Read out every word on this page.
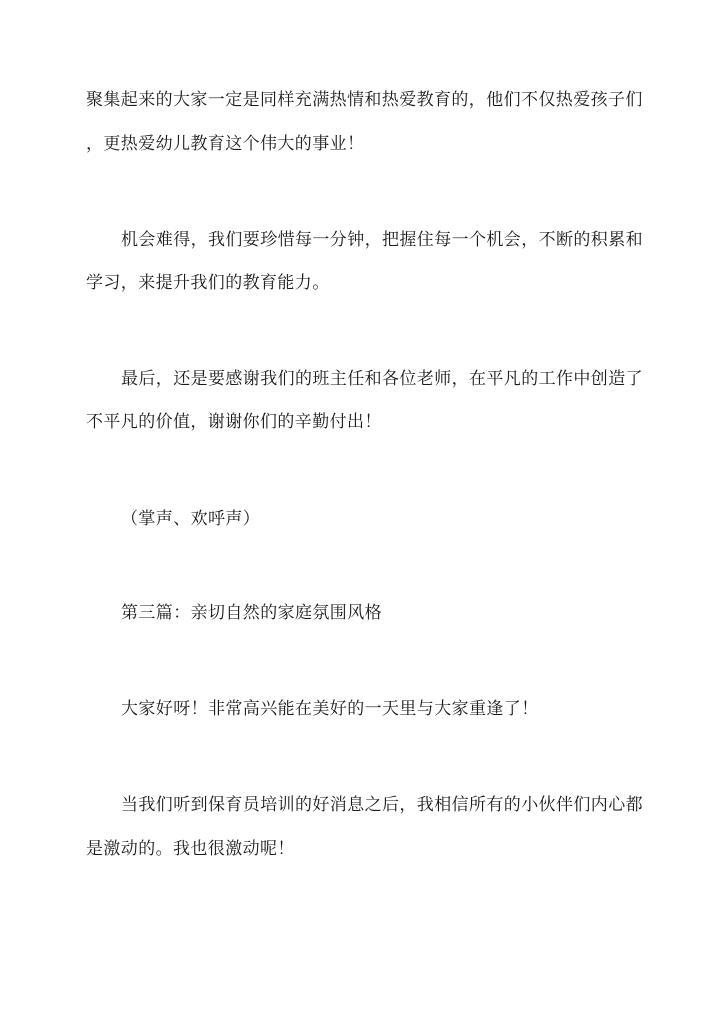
聚集起来的大家一定是同样充满热情和热爱教育的，他们不仅热爱孩子们
，更热爱幼儿教育这个伟大的事业！
机会难得，我们要珍惜每一分钟，把握住每一个机会，不断的积累和
学习，来提升我们的教育能力。
最后，还是要感谢我们的班主任和各位老师，在平凡的工作中创造了
不平凡的价值，谢谢你们的辛勤付出！
（掌声、欢呼声）
第三篇：亲切自然的家庭氛围风格
大家好呀！非常高兴能在美好的一天里与大家重逢了！
当我们听到保育员培训的好消息之后，我相信所有的小伙伴们内心都
是激动的。我也很激动呢！
